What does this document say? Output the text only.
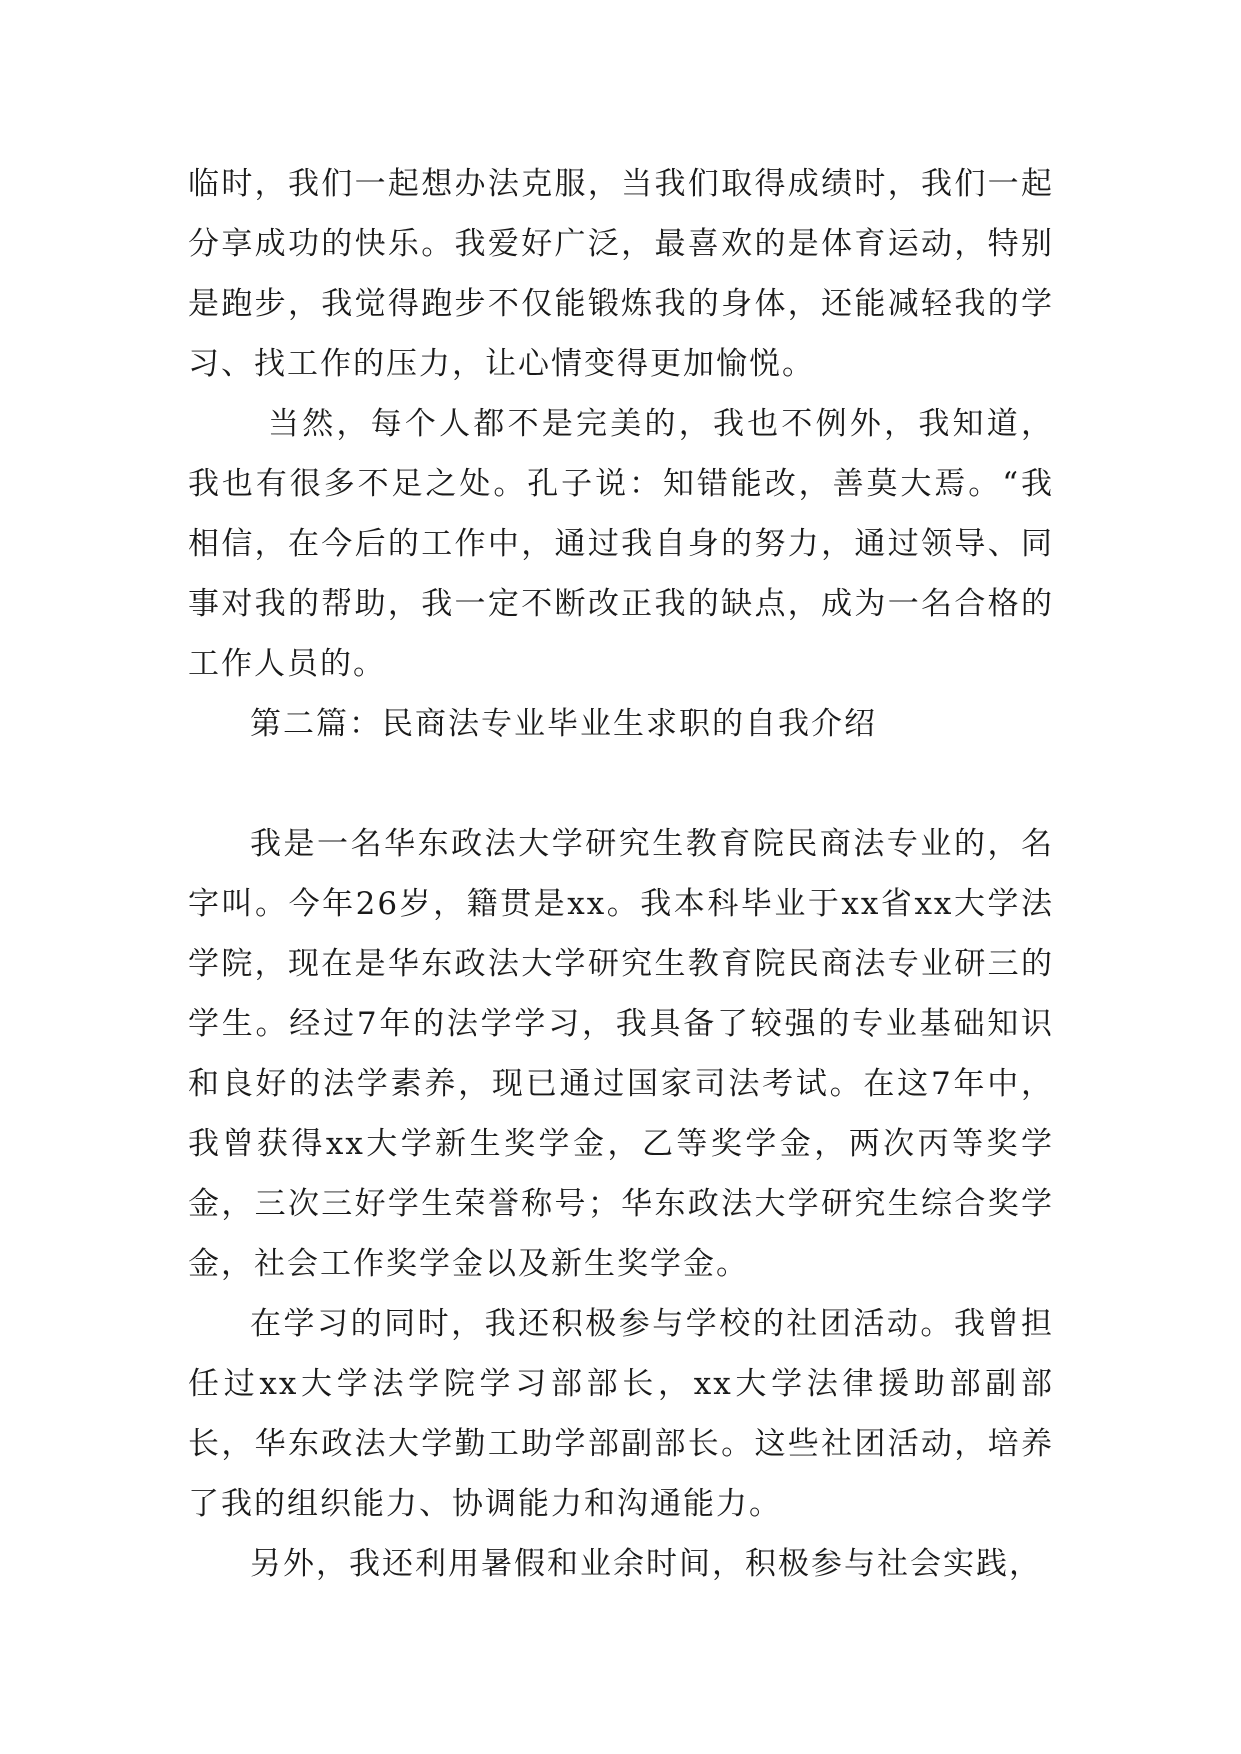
临时，我们一起想办法克服，当我们取得成绩时，我们一起分享成功的快乐。我爱好广泛，最喜欢的是体育运动，特别是跑步，我觉得跑步不仅能锻炼我的身体，还能减轻我的学习、找工作的压力，让心情变得更加愉悦。

当然，每个人都不是完美的，我也不例外，我知道，我也有很多不足之处。孔子说：知错能改，善莫大焉。“我相信，在今后的工作中，通过我自身的努力，通过领导、同事对我的帮助，我一定不断改正我的缺点，成为一名合格的工作人员的。

第二篇：民商法专业毕业生求职的自我介绍

我是一名华东政法大学研究生教育院民商法专业的，名字叫。今年26岁，籍贯是xx。我本科毕业于xx省xx大学法学院，现在是华东政法大学研究生教育院民商法专业研三的学生。经过7年的法学学习，我具备了较强的专业基础知识和良好的法学素养，现已通过国家司法考试。在这7年中，我曾获得xx大学新生奖学金，乙等奖学金，两次丙等奖学金，三次三好学生荣誉称号；华东政法大学研究生综合奖学金，社会工作奖学金以及新生奖学金。

在学习的同时，我还积极参与学校的社团活动。我曾担任过xx大学法学院学习部部长，xx大学法律援助部副部长，华东政法大学勤工助学部副部长。这些社团活动，培养了我的组织能力、协调能力和沟通能力。

另外，我还利用暑假和业余时间，积极参与社会实践，
